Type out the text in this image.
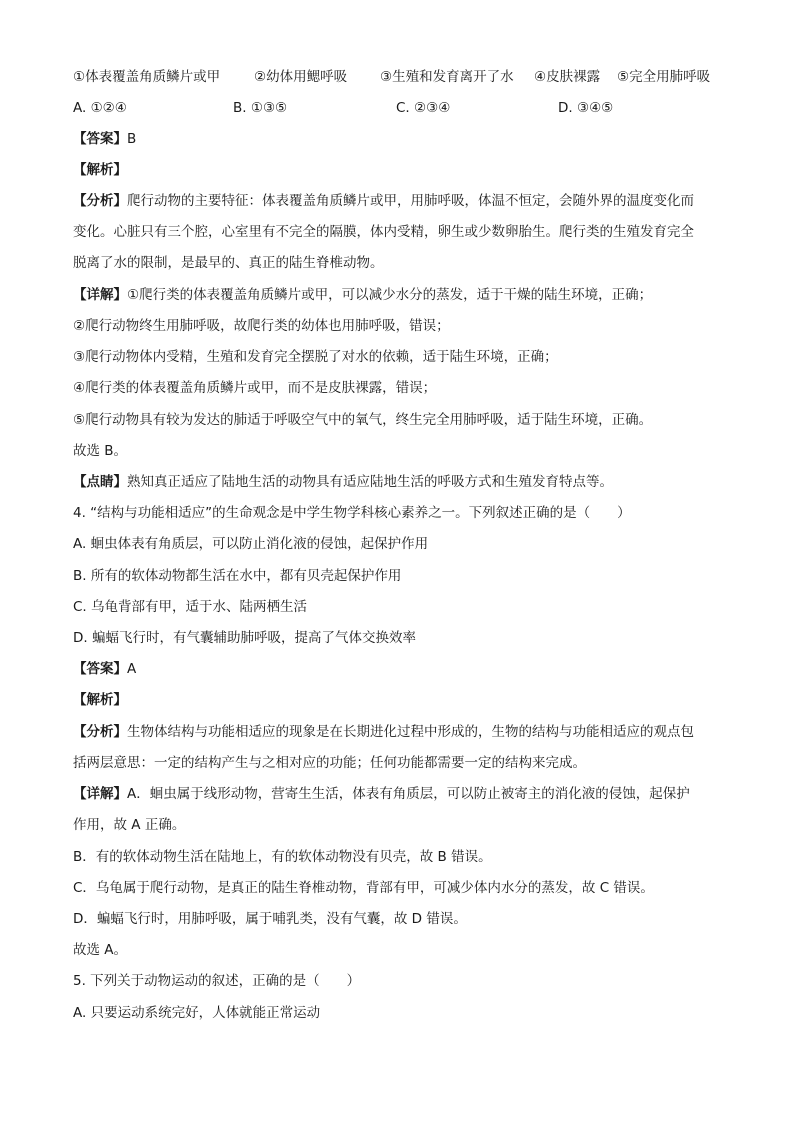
①体表覆盖角质鳞片或甲	②幼体用鳃呼吸 ③生殖和发育离开了水 ④皮肤裸露 ⑤完全用肺呼吸
A. ①②④	B. ①③⑤	C. ②③④	D. ③④⑤
【答案】B
【解析】
【分析】爬行动物的主要特征：体表覆盖角质鳞片或甲，用肺呼吸，体温不恒定，会随外界的温度变化而
变化。心脏只有三个腔，心室里有不完全的隔膜，体内受精，卵生或少数卵胎生。爬行类的生殖发育完全
脱离了水的限制，是最早的、真正的陆生脊椎动物。
【详解】①爬行类的体表覆盖角质鳞片或甲，可以减少水分的蒸发，适于干燥的陆生环境，正确；
②爬行动物终生用肺呼吸，故爬行类的幼体也用肺呼吸，错误；
③爬行动物体内受精，生殖和发育完全摆脱了对水的依赖，适于陆生环境，正确；
④爬行类的体表覆盖角质鳞片或甲，而不是皮肤裸露，错误；
⑤爬行动物具有较为发达的肺适于呼吸空气中的氧气，终生完全用肺呼吸，适于陆生环境，正确。
故选 B。
【点睛】熟知真正适应了陆地生活的动物具有适应陆地生活的呼吸方式和生殖发育特点等。
4. “结构与功能相适应”的生命观念是中学生物学科核心素养之一。下列叙述正确的是（　　）
A. 蛔虫体表有角质层，可以防止消化液的侵蚀，起保护作用
B. 所有的软体动物都生活在水中，都有贝壳起保护作用
C. 乌龟背部有甲，适于水、陆两栖生活
D. 蝙蝠飞行时，有气囊辅助肺呼吸，提高了气体交换效率
【答案】A
【解析】
【分析】生物体结构与功能相适应的现象是在长期进化过程中形成的，生物的结构与功能相适应的观点包
括两层意思：一定的结构产生与之相对应的功能；任何功能都需要一定的结构来完成。
【详解】A．蛔虫属于线形动物，营寄生生活，体表有角质层，可以防止被寄主的消化液的侵蚀，起保护
作用，故 A 正确。
B．有的软体动物生活在陆地上，有的软体动物没有贝壳，故 B 错误。
C．乌龟属于爬行动物，是真正的陆生脊椎动物，背部有甲，可减少体内水分的蒸发，故 C 错误。
D．蝙蝠飞行时，用肺呼吸，属于哺乳类，没有气囊，故 D 错误。
故选 A。
5. 下列关于动物运动的叙述，正确的是（　　）
A. 只要运动系统完好，人体就能正常运动
